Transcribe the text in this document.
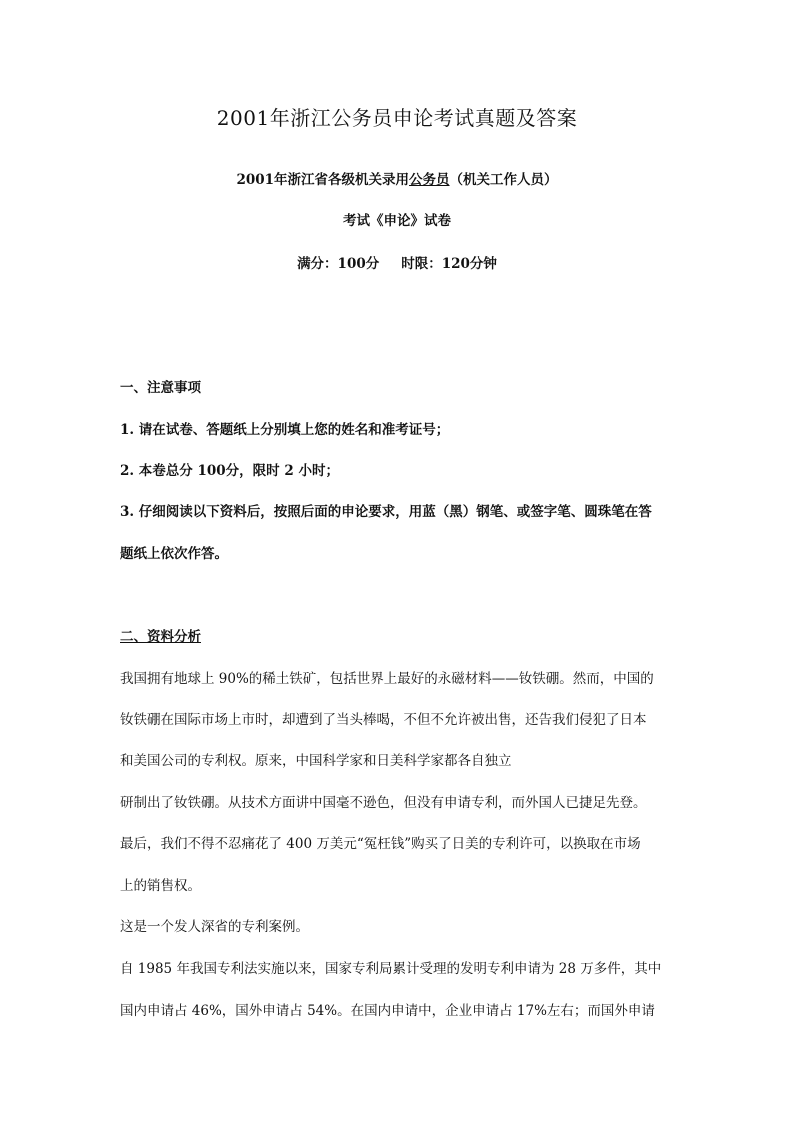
2001年浙江公务员申论考试真题及答案

2001年浙江省各级机关录用公务员（机关工作人员）

考试《申论》试卷

满分：100分 时限：120分钟

一、注意事项

1. 请在试卷、答题纸上分别填上您的姓名和准考证号；

2. 本卷总分 100分，限时 2 小时；

3. 仔细阅读以下资料后，按照后面的申论要求，用蓝（黑）钢笔、或签字笔、圆珠笔在答

题纸上依次作答。

二、资料分析

我国拥有地球上 90%的稀土铁矿，包括世界上最好的永磁材料——钕铁硼。然而，中国的

钕铁硼在国际市场上市时，却遭到了当头棒喝，不但不允许被出售，还告我们侵犯了日本

和美国公司的专利权。原来，中国科学家和日美科学家都各自独立

研制出了钕铁硼。从技术方面讲中国毫不逊色，但没有申请专利，而外国人已捷足先登。

最后，我们不得不忍痛花了 400 万美元“冤枉钱”购买了日美的专利许可，以换取在市场

上的销售权。

这是一个发人深省的专利案例。

自 1985 年我国专利法实施以来，国家专利局累计受理的发明专利申请为 28 万多件，其中

国内申请占 46%，国外申请占 54%。在国内申请中，企业申请占 17%左右；而国外申请
